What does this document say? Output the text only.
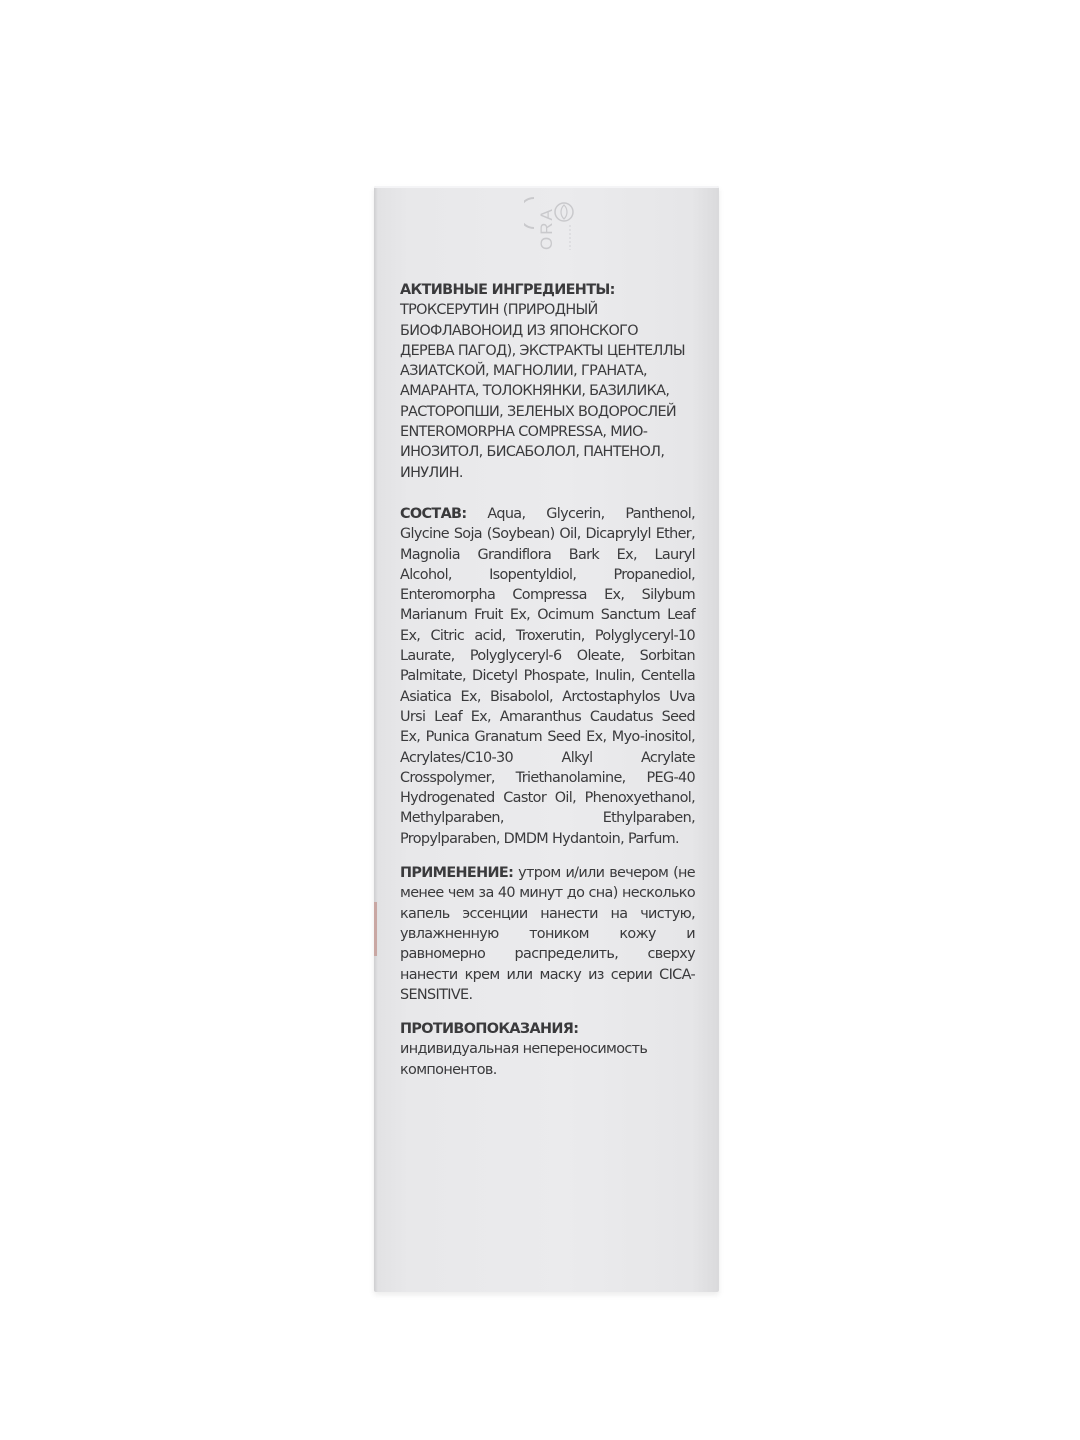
ORA
АКТИВНЫЕ ИНГРЕДИЕНТЫ:
ТРОКСЕРУТИН (ПРИРОДНЫЙ БИОФЛАВОНОИД ИЗ ЯПОНСКОГО ДЕРЕВА ПАГОД), ЭКСТРАКТЫ ЦЕНТЕЛЛЫ АЗИАТСКОЙ, МАГНОЛИИ, ГРАНАТА, АМАРАНТА, ТОЛОКНЯНКИ, БАЗИЛИКА, РАСТОРОПШИ, ЗЕЛЕНЫХ ВОДОРОСЛЕЙ ENTEROMORPHA COMPRESSA, МИО-ИНОЗИТОЛ, БИСАБОЛОЛ, ПАНТЕНОЛ, ИНУЛИН.
СОСТАВ: Aqua, Glycerin, Panthenol, Glycine Soja (Soybean) Oil, Dicaprylyl Ether, Magnolia Grandiflora Bark Ex, Lauryl Alcohol, Isopentyldiol, Propanediol, Enteromorpha Compressa Ex, Silybum Marianum Fruit Ex, Ocimum Sanctum Leaf Ex, Citric acid, Troxerutin, Polyglyceryl-10 Laurate, Polyglyceryl-6 Oleate, Sorbitan Palmitate, Dicetyl Phospate, Inulin, Centella Asiatica Ex, Bisabolol, Arctostaphylos Uva Ursi Leaf Ex, Amaranthus Caudatus Seed Ex, Punica Granatum Seed Ex, Myo-inositol, Acrylates/C10-30 Alkyl Acrylate Crosspolymer, Triethanolamine, PEG-40 Hydrogenated Castor Oil, Phenoxyethanol, Methylparaben, Ethylparaben, Propylparaben, DMDM Hydantoin, Parfum.
ПРИМЕНЕНИЕ: утром и/или вечером (не менее чем за 40 минут до сна) несколько капель эссенции нанести на чистую, увлажненную тоником кожу и равномерно распределить, сверху нанести крем или маску из серии CICA-SENSITIVE.
ПРОТИВОПОКАЗАНИЯ:
индивидуальная непереносимость компонентов.
